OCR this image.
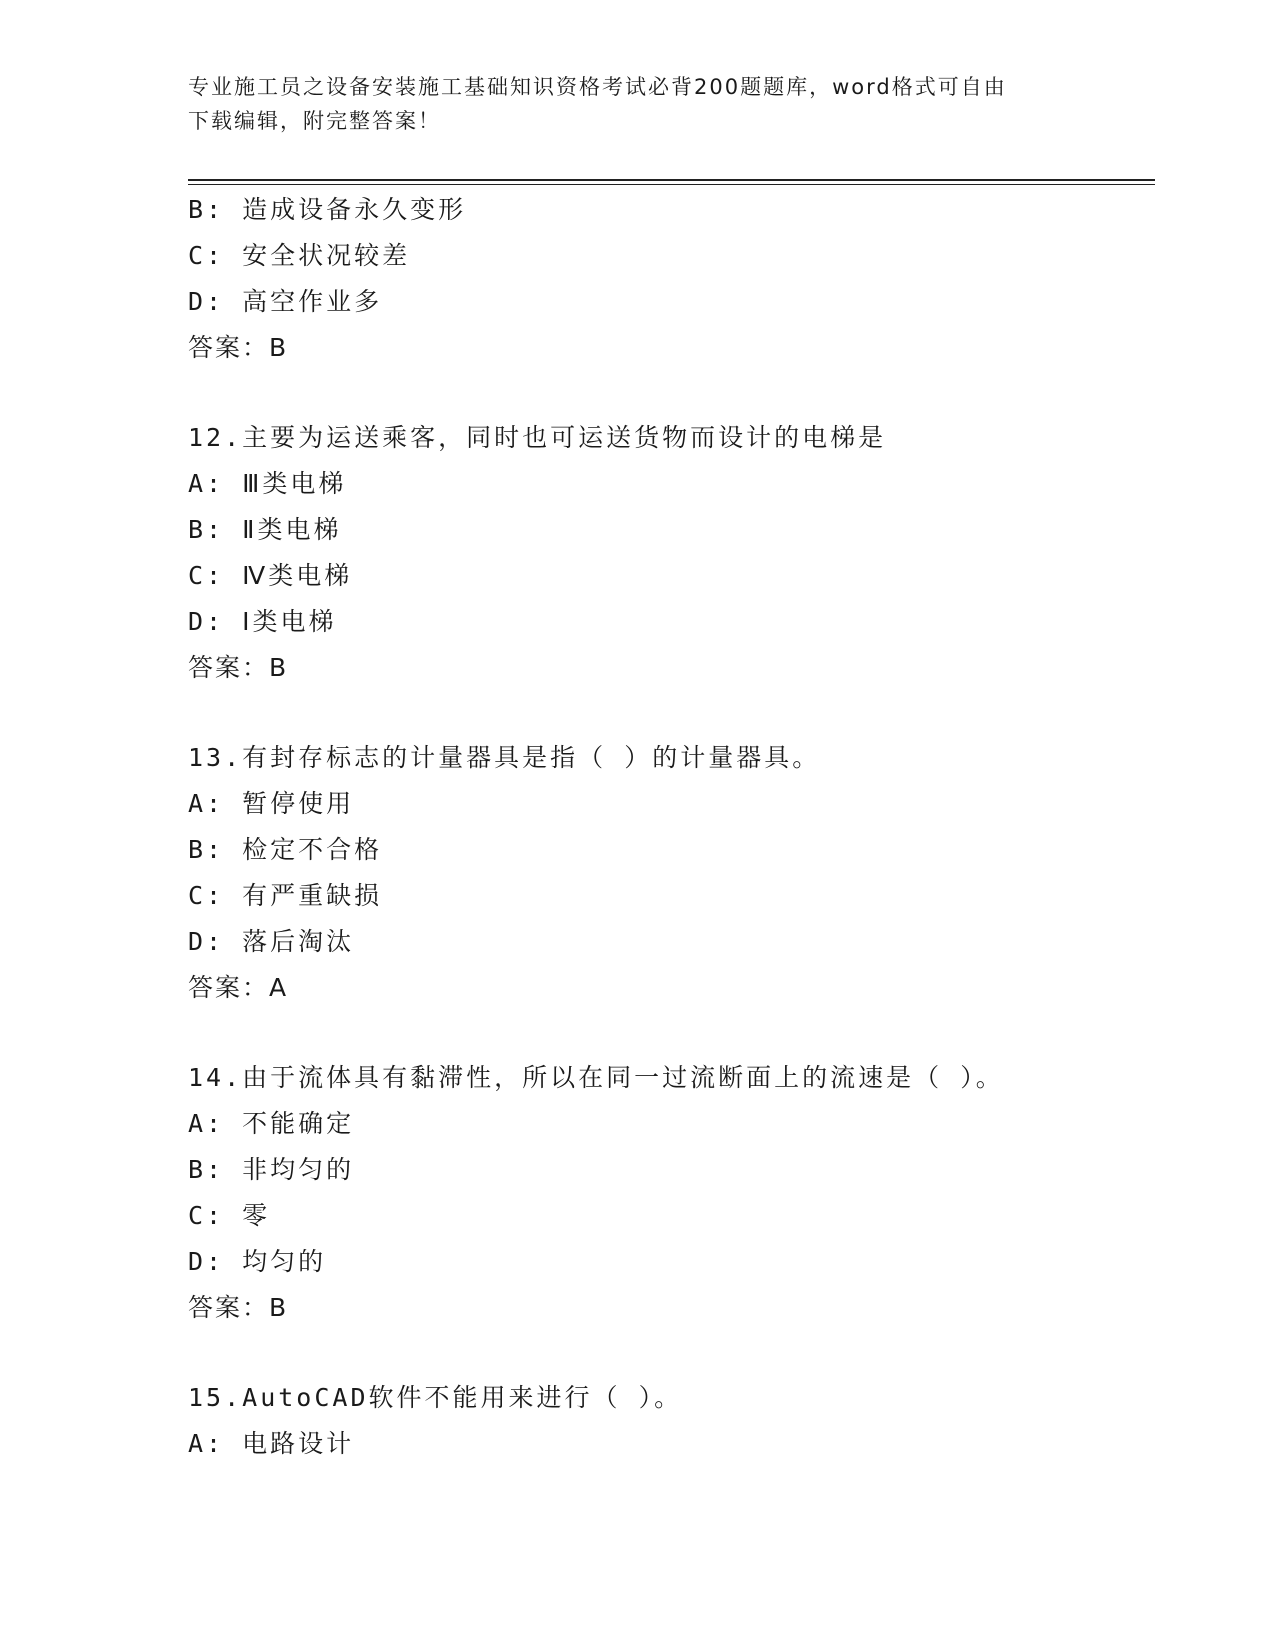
专业施工员之设备安装施工基础知识资格考试必背200题题库，word格式可自由
下载编辑，附完整答案！
B: 造成设备永久变形
C: 安全状况较差
D: 高空作业多
答案：B
12.主要为运送乘客，同时也可运送货物而设计的电梯是
A: Ⅲ类电梯
B: Ⅱ类电梯
C: Ⅳ类电梯
D: Ⅰ类电梯
答案：B
13.有封存标志的计量器具是指（ ）的计量器具。
A: 暂停使用
B: 检定不合格
C: 有严重缺损
D: 落后淘汰
答案：A
14.由于流体具有黏滞性，所以在同一过流断面上的流速是（ ）。
A: 不能确定
B: 非均匀的
C: 零
D: 均匀的
答案：B
15.AutoCAD软件不能用来进行（ ）。
A: 电路设计
